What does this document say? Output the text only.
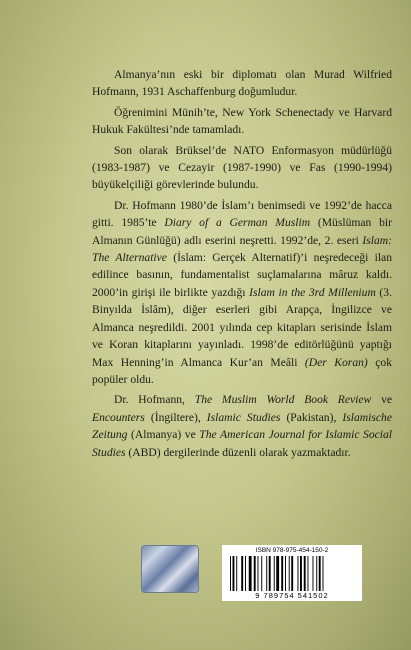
Almanya’nın eski bir diplomatı olan Murad Wilfried Hofmann, 1931 Aschaffenburg doğumludur.

Öğrenimini Münih’te, New York Schenectady ve Harvard Hukuk Fakültesi’nde tamamladı.

Son olarak Brüksel’de NATO Enformasyon müdürlüğü (1983-1987) ve Cezayir (1987-1990) ve Fas (1990-1994) büyükelçiliği görevlerinde bulundu.

Dr. Hofmann 1980’de İslam’ı benimsedi ve 1992’de hacca gitti. 1985’te Diary of a German Muslim (Müslüman bir Almanın Günlüğü) adlı eserini neşretti. 1992’de, 2. eseri Islam: The Alternative (İslam: Gerçek Alternatif)’i neşredeceği ilan edilince basının, fundamentalist suçlamalarına mâruz kaldı. 2000’in girişi ile birlikte yazdığı Islam in the 3rd Millenium (3. Binyılda İslâm), diğer eserleri gibi Arapça, İngilizce ve Almanca neşredildi. 2001 yılında cep kitapları serisinde İslam ve Koran kitaplarını yayınladı. 1998’de editörlüğünü yaptığı Max Henning’in Almanca Kur’an Meâli (Der Koran) çok popüler oldu.

Dr. Hofmann, The Muslim World Book Review ve Encounters (İngiltere), Islamic Studies (Pakistan), Islamische Zeitung (Almanya) ve The American Journal for Islamic Social Studies (ABD) dergilerinde düzenli olarak yazmaktadır.

ISBN 978-975-454-150-2
9 789754 541502
